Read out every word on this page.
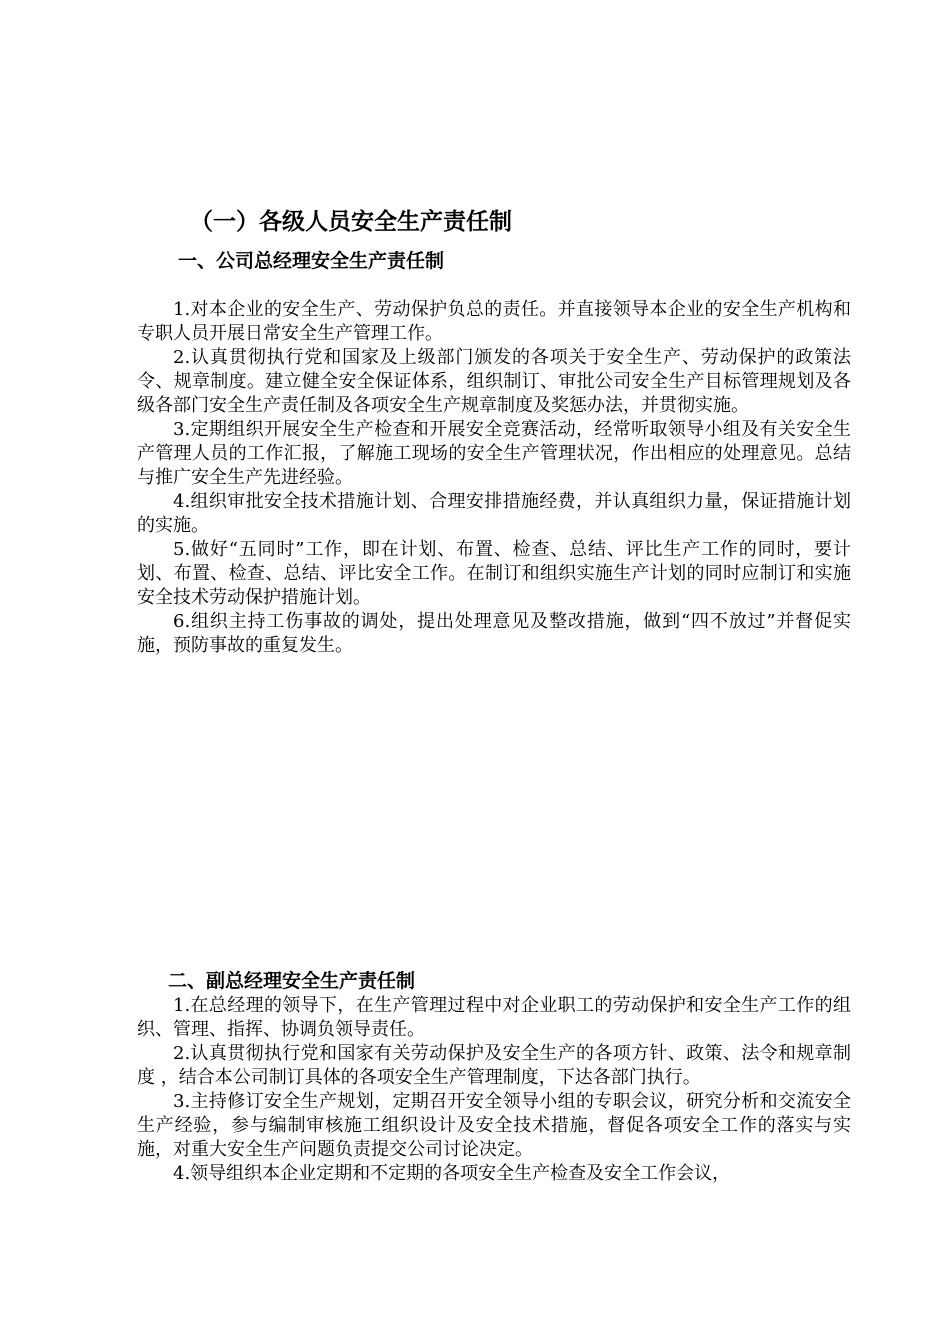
（一）各级人员安全生产责任制
一、公司总经理安全生产责任制

1.对本企业的安全生产、劳动保护负总的责任。并直接领导本企业的安全生产机构和专职人员开展日常安全生产管理工作。

2.认真贯彻执行党和国家及上级部门颁发的各项关于安全生产、劳动保护的政策法令、规章制度。建立健全安全保证体系，组织制订、审批公司安全生产目标管理规划及各级各部门安全生产责任制及各项安全生产规章制度及奖惩办法，并贯彻实施。

3.定期组织开展安全生产检查和开展安全竞赛活动，经常听取领导小组及有关安全生产管理人员的工作汇报，了解施工现场的安全生产管理状况，作出相应的处理意见。总结与推广安全生产先进经验。

4.组织审批安全技术措施计划、合理安排措施经费，并认真组织力量，保证措施计划的实施。

5.做好“五同时”工作，即在计划、布置、检查、总结、评比生产工作的同时，要计划、布置、检查、总结、评比安全工作。在制订和组织实施生产计划的同时应制订和实施安全技术劳动保护措施计划。

6.组织主持工伤事故的调处，提出处理意见及整改措施，做到“四不放过”并督促实施，预防事故的重复发生。

二、副总经理安全生产责任制

1.在总经理的领导下，在生产管理过程中对企业职工的劳动保护和安全生产工作的组织、管理、指挥、协调负领导责任。

2.认真贯彻执行党和国家有关劳动保护及安全生产的各项方针、政策、法令和规章制度 ，结合本公司制订具体的各项安全生产管理制度，下达各部门执行。

3.主持修订安全生产规划，定期召开安全领导小组的专职会议，研究分析和交流安全生产经验，参与编制审核施工组织设计及安全技术措施，督促各项安全工作的落实与实施，对重大安全生产问题负责提交公司讨论决定。

4.领导组织本企业定期和不定期的各项安全生产检查及安全工作会议，
